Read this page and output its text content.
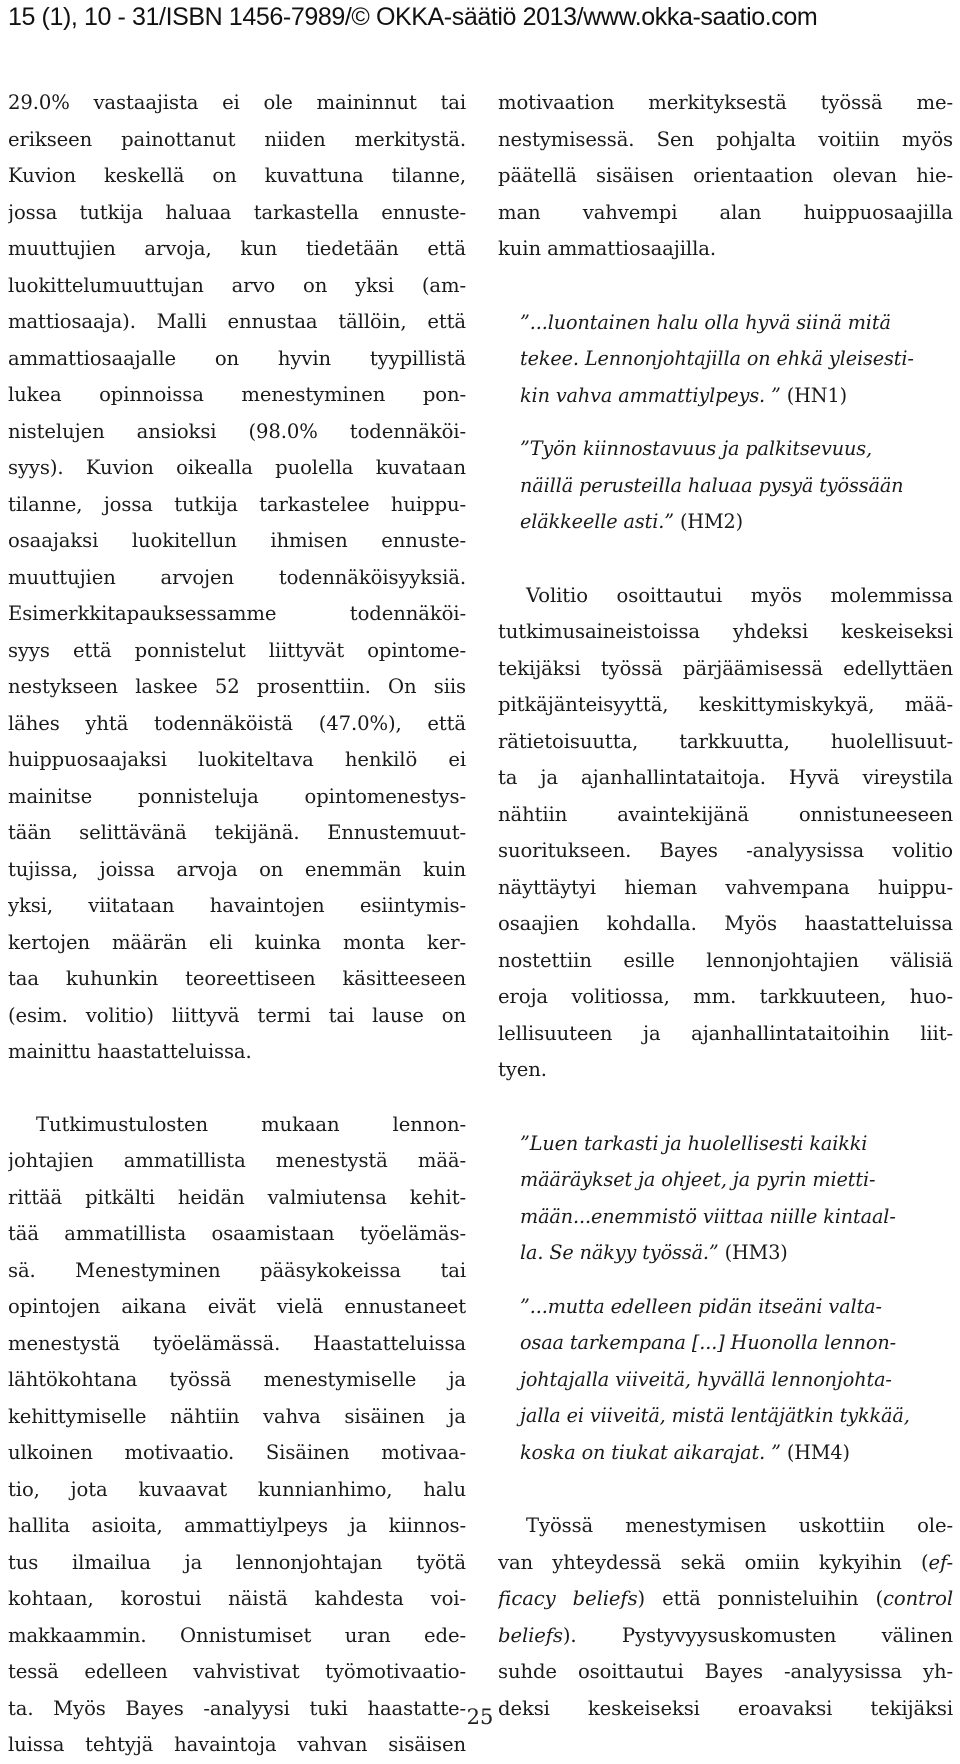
15 (1), 10 - 31/ISBN 1456-7989/© OKKA-säätiö 2013/www.okka-saatio.com
29.0% vastaajista ei ole maininnut tai
erikseen painottanut niiden merkitystä.
Kuvion keskellä on kuvattuna tilanne,
jossa tutkija haluaa tarkastella ennuste-
muuttujien arvoja, kun tiedetään että
luokittelumuuttujan arvo on yksi (am-
mattiosaaja). Malli ennustaa tällöin, että
ammattiosaajalle on hyvin tyypillistä
lukea opinnoissa menestyminen pon-
nistelujen ansioksi (98.0% todennäköi-
syys). Kuvion oikealla puolella kuvataan
tilanne, jossa tutkija tarkastelee huippu-
osaajaksi luokitellun ihmisen ennuste-
muuttujien arvojen todennäköisyyksiä.
Esimerkkitapauksessamme todennäköi-
syys että ponnistelut liittyvät opintome-
nestykseen laskee 52 prosenttiin. On siis
lähes yhtä todennäköistä (47.0%), että
huippuosaajaksi luokiteltava henkilö ei
mainitse ponnisteluja opintomenestys-
tään selittävänä tekijänä. Ennustemuut-
tujissa, joissa arvoja on enemmän kuin
yksi, viitataan havaintojen esiintymis-
kertojen määrän eli kuinka monta ker-
taa kuhunkin teoreettiseen käsitteeseen
(esim. volitio) liittyvä termi tai lause on
mainittu haastatteluissa.
Tutkimustulosten mukaan lennon-
johtajien ammatillista menestystä mää-
rittää pitkälti heidän valmiutensa kehit-
tää ammatillista osaamistaan työelämäs-
sä. Menestyminen pääsykokeissa tai
opintojen aikana eivät vielä ennustaneet
menestystä työelämässä. Haastatteluissa
lähtökohtana työssä menestymiselle ja
kehittymiselle nähtiin vahva sisäinen ja
ulkoinen motivaatio. Sisäinen motivaa-
tio, jota kuvaavat kunnianhimo, halu
hallita asioita, ammattiylpeys ja kiinnos-
tus ilmailua ja lennonjohtajan työtä
kohtaan, korostui näistä kahdesta voi-
makkaammin. Onnistumiset uran ede-
tessä edelleen vahvistivat työmotivaatio-
ta. Myös Bayes -analyysi tuki haastatte-
luissa tehtyjä havaintoja vahvan sisäisen
motivaation merkityksestä työssä me-
nestymisessä. Sen pohjalta voitiin myös
päätellä sisäisen orientaation olevan hie-
man vahvempi alan huippuosaajilla
kuin ammattiosaajilla.
”...luontainen halu olla hyvä siinä mitä
tekee. Lennonjohtajilla on ehkä yleisesti-
kin vahva ammattiylpeys. ” (HN1)
”Työn kiinnostavuus ja palkitsevuus,
näillä perusteilla haluaa pysyä työssään
eläkkeelle asti.” (HM2)
Volitio osoittautui myös molemmissa
tutkimusaineistoissa yhdeksi keskeiseksi
tekijäksi työssä pärjäämisessä edellyttäen
pitkäjänteisyyttä, keskittymiskykyä, mää-
rätietoisuutta, tarkkuutta, huolellisuut-
ta ja ajanhallintataitoja. Hyvä vireystila
nähtiin avaintekijänä onnistuneeseen
suoritukseen. Bayes -analyysissa volitio
näyttäytyi hieman vahvempana huippu-
osaajien kohdalla. Myös haastatteluissa
nostettiin esille lennonjohtajien välisiä
eroja volitiossa, mm. tarkkuuteen, huo-
lellisuuteen ja ajanhallintataitoihin liit-
tyen.
”Luen tarkasti ja huolellisesti kaikki
määräykset ja ohjeet, ja pyrin mietti-
mään...enemmistö viittaa niille kintaal-
la. Se näkyy työssä.” (HM3)
”...mutta edelleen pidän itseäni valta-
osaa tarkempana [...] Huonolla lennon-
johtajalla viiveitä, hyvällä lennonjohta-
jalla ei viiveitä, mistä lentäjätkin tykkää,
koska on tiukat aikarajat. ” (HM4)
Työssä menestymisen uskottiin ole-
van yhteydessä sekä omiin kykyihin (ef-
ficacy beliefs) että ponnisteluihin (control
beliefs). Pystyvyysuskomusten välinen
suhde osoittautui Bayes -analyysissa yh-
deksi keskeiseksi eroavaksi tekijäksi
25
